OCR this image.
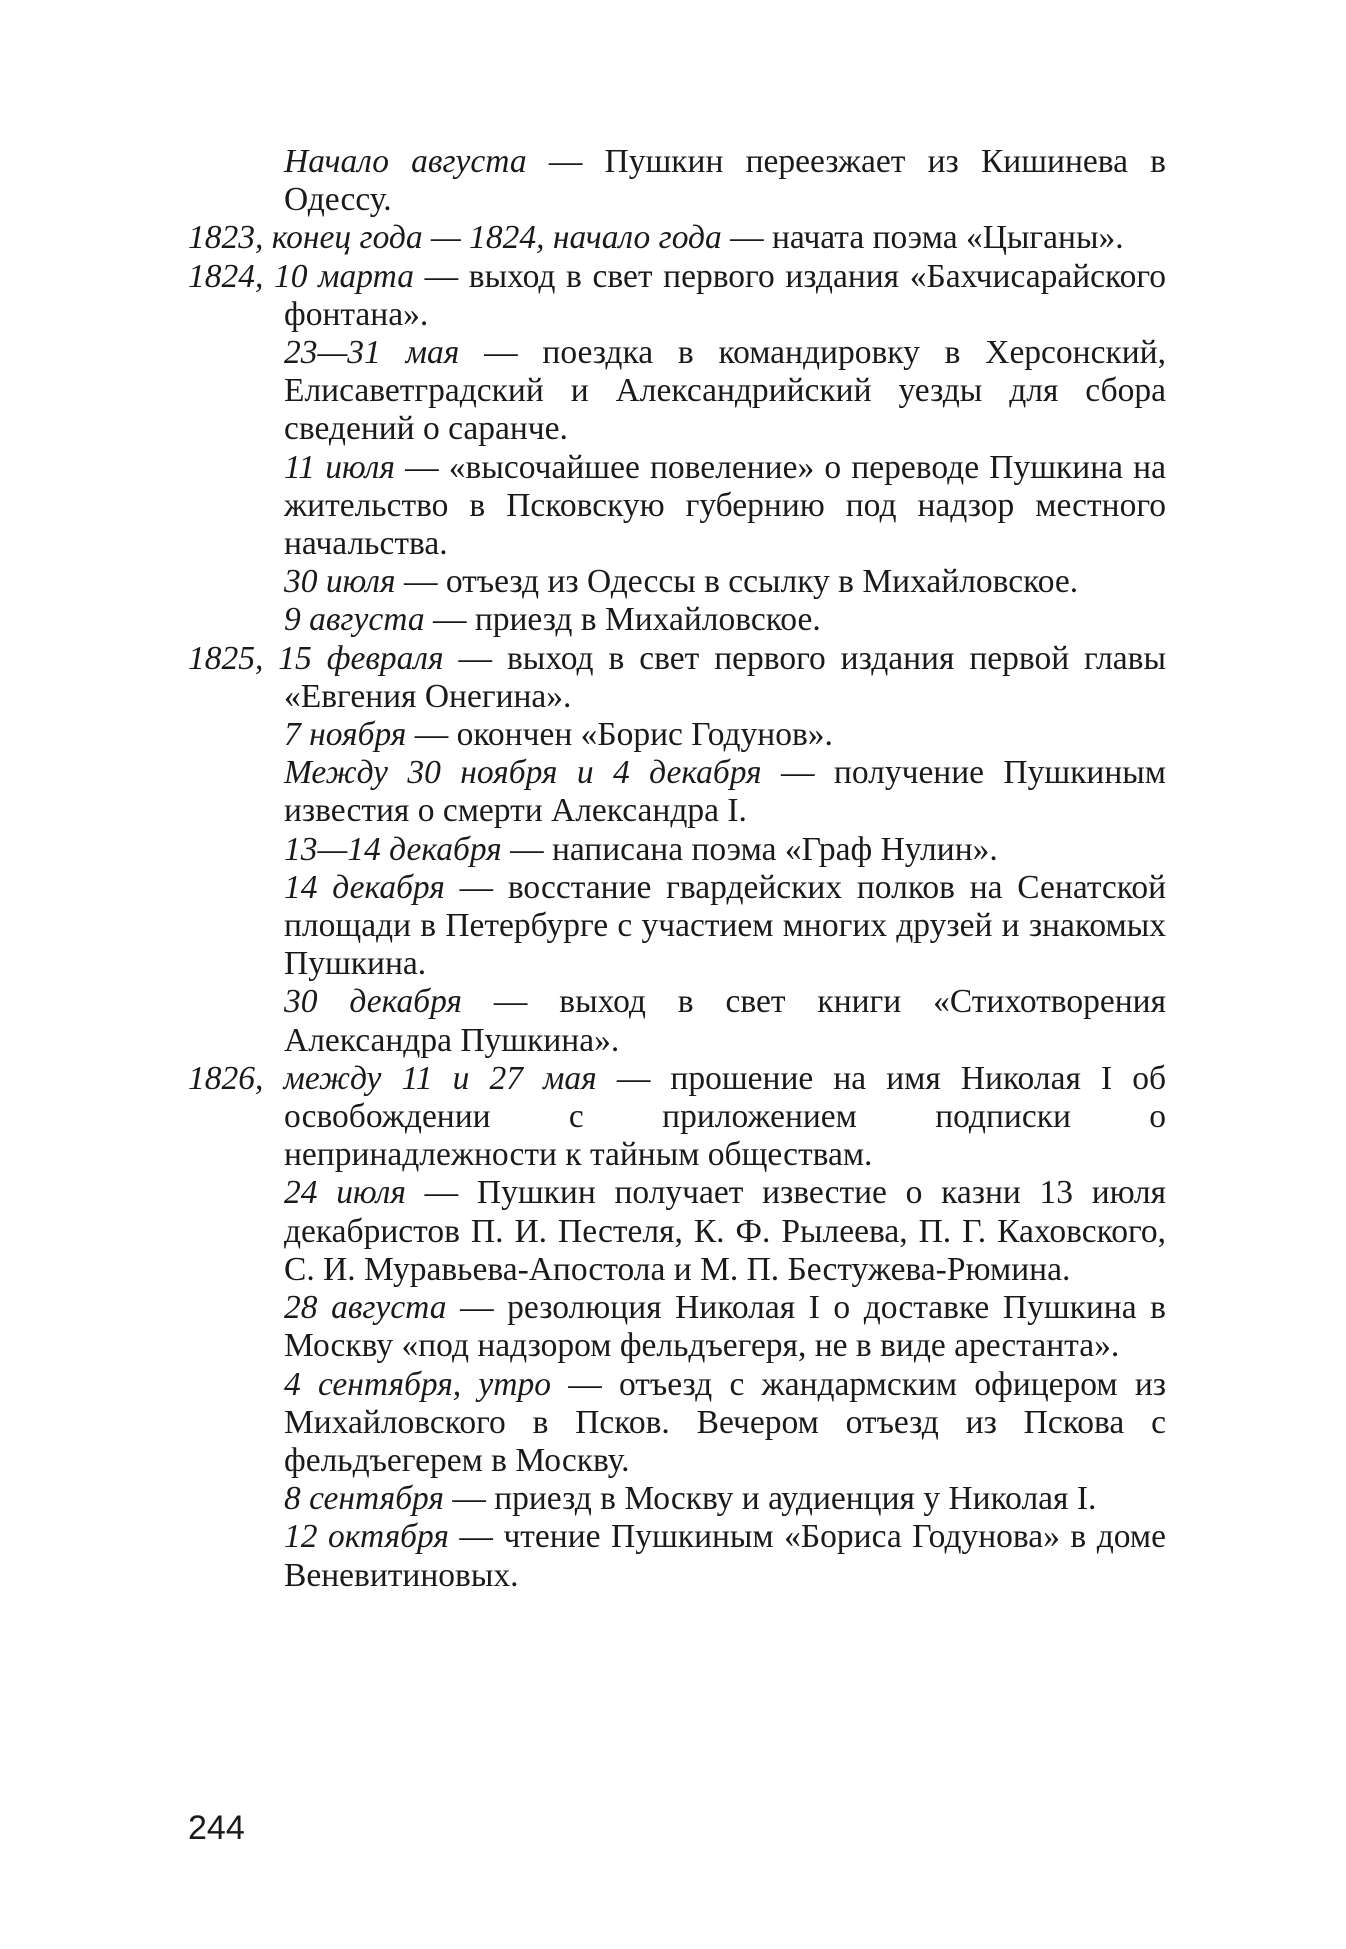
Начало августа — Пушкин переезжает из Кишинева в Одессу.

1823, конец года — 1824, начало года — начата поэма «Цыганы».

1824, 10 марта — выход в свет первого издания «Бахчисарайского фонтана».

23—31 мая — поездка в командировку в Херсонский, Елисаветградский и Александрийский уезды для сбора сведений о саранче.

11 июля — «высочайшее повеление» о переводе Пушкина на жительство в Псковскую губернию под надзор местного начальства.

30 июля — отъезд из Одессы в ссылку в Михайловское.

9 августа — приезд в Михайловское.

1825, 15 февраля — выход в свет первого издания первой главы «Евгения Онегина».

7 ноября — окончен «Борис Годунов».

Между 30 ноября и 4 декабря — получение Пушкиным известия о смерти Александра I.

13—14 декабря — написана поэма «Граф Нулин».

14 декабря — восстание гвардейских полков на Сенатской площади в Петербурге с участием многих друзей и знакомых Пушкина.

30 декабря — выход в свет книги «Стихотворения Александра Пушкина».

1826, между 11 и 27 мая — прошение на имя Николая I об освобождении с приложением подписки о непринадлежности к тайным обществам.

24 июля — Пушкин получает известие о казни 13 июля декабристов П. И. Пестеля, К. Ф. Рылеева, П. Г. Каховского, С. И. Муравьева-Апостола и М. П. Бестужева-Рюмина.

28 августа — резолюция Николая I о доставке Пушкина в Москву «под надзором фельдъегеря, не в виде арестанта».

4 сентября, утро — отъезд с жандармским офицером из Михайловского в Псков. Вечером отъезд из Пскова с фельдъегерем в Москву.

8 сентября — приезд в Москву и аудиенция у Николая I.

12 октября — чтение Пушкиным «Бориса Годунова» в доме Веневитиновых.

244
